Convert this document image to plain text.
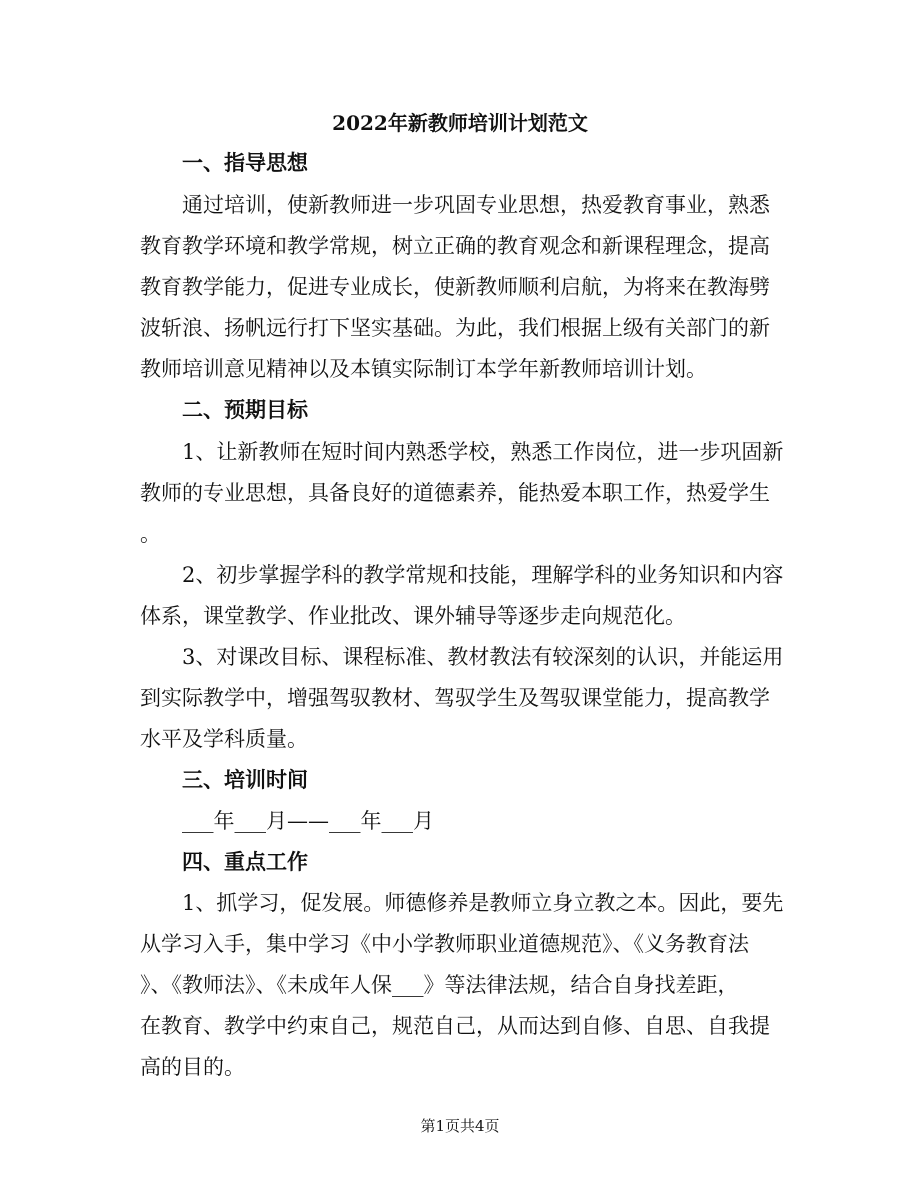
2022年新教师培训计划范文
一、指导思想
通过培训，使新教师进一步巩固专业思想，热爱教育事业，熟悉
教育教学环境和教学常规，树立正确的教育观念和新课程理念，提高
教育教学能力，促进专业成长，使新教师顺利启航，为将来在教海劈
波斩浪、扬帆远行打下坚实基础。为此，我们根据上级有关部门的新
教师培训意见精神以及本镇实际制订本学年新教师培训计划。
二、预期目标
1、让新教师在短时间内熟悉学校，熟悉工作岗位，进一步巩固新
教师的专业思想，具备良好的道德素养，能热爱本职工作，热爱学生
。
2、初步掌握学科的教学常规和技能，理解学科的业务知识和内容
体系，课堂教学、作业批改、课外辅导等逐步走向规范化。
3、对课改目标、课程标准、教材教法有较深刻的认识，并能运用
到实际教学中，增强驾驭教材、驾驭学生及驾驭课堂能力，提高教学
水平及学科质量。
三、培训时间
___年___月——___年___月
四、重点工作
1、抓学习，促发展。师德修养是教师立身立教之本。因此，要先
从学习入手，集中学习《中小学教师职业道德规范》、《义务教育法
》、《教师法》、《未成年人保___》等法律法规，结合自身找差距，
在教育、教学中约束自己，规范自己，从而达到自修、自思、自我提
高的目的。
第1页共4页
